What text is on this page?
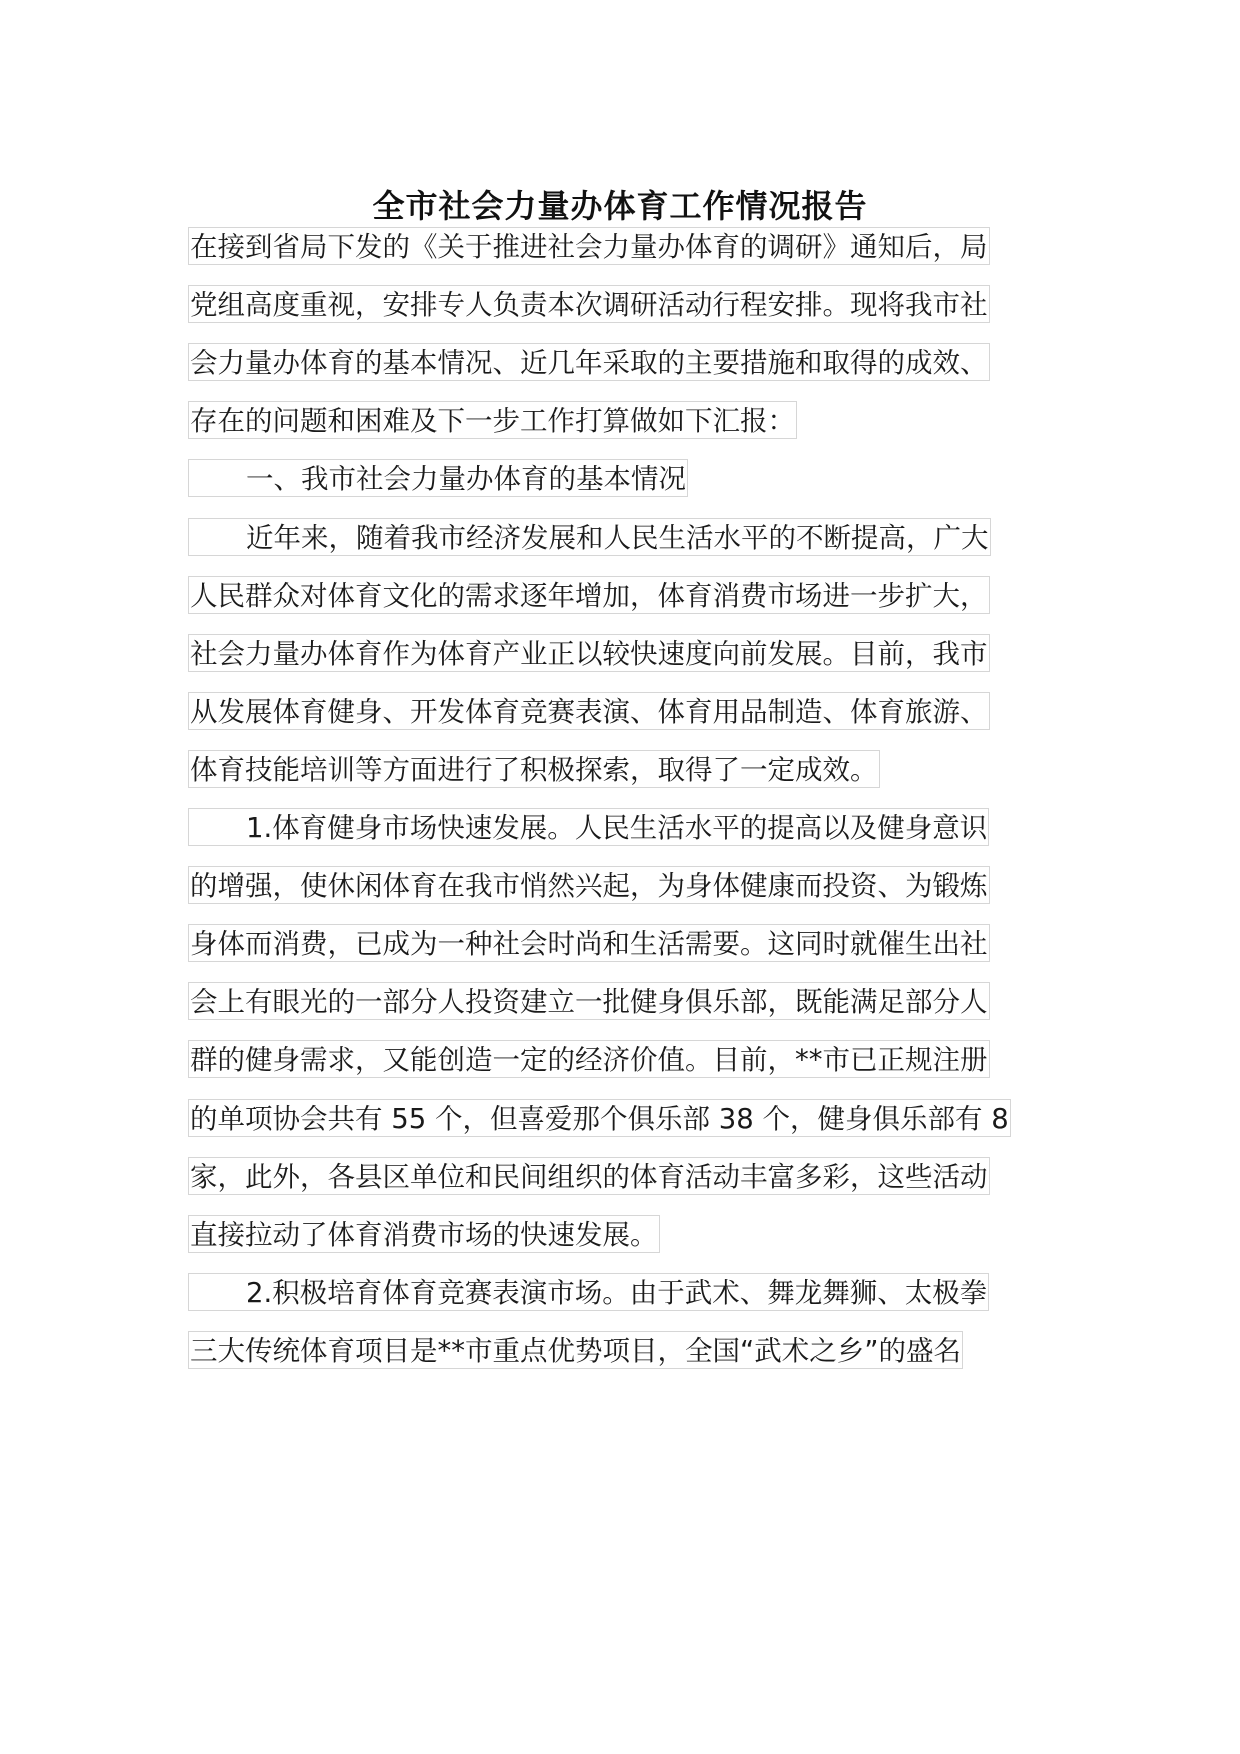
全市社会力量办体育工作情况报告
在接到省局下发的《关于推进社会力量办体育的调研》通知后，局
党组高度重视，安排专人负责本次调研活动行程安排。现将我市社
会力量办体育的基本情况、近几年采取的主要措施和取得的成效、
存在的问题和困难及下一步工作打算做如下汇报：
一、我市社会力量办体育的基本情况
近年来，随着我市经济发展和人民生活水平的不断提高，广大
人民群众对体育文化的需求逐年增加，体育消费市场进一步扩大，
社会力量办体育作为体育产业正以较快速度向前发展。目前，我市
从发展体育健身、开发体育竞赛表演、体育用品制造、体育旅游、
体育技能培训等方面进行了积极探索，取得了一定成效。
1.体育健身市场快速发展。人民生活水平的提高以及健身意识
的增强，使休闲体育在我市悄然兴起，为身体健康而投资、为锻炼
身体而消费，已成为一种社会时尚和生活需要。这同时就催生出社
会上有眼光的一部分人投资建立一批健身俱乐部，既能满足部分人
群的健身需求，又能创造一定的经济价值。目前，**市已正规注册
的单项协会共有 55 个，但喜爱那个俱乐部 38 个，健身俱乐部有 8
家，此外，各县区单位和民间组织的体育活动丰富多彩，这些活动
直接拉动了体育消费市场的快速发展。
2.积极培育体育竞赛表演市场。由于武术、舞龙舞狮、太极拳
三大传统体育项目是**市重点优势项目，全国“武术之乡”的盛名
